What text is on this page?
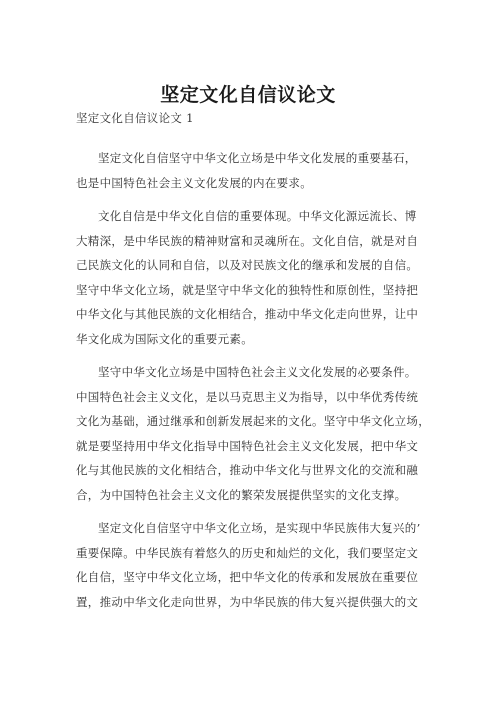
坚定文化自信议论文

坚定文化自信议论文 1

坚定文化自信坚守中华文化立场是中华文化发展的重要基石，
也是中国特色社会主义文化发展的内在要求。
文化自信是中华文化自信的重要体现。中华文化源远流长、博
大精深，是中华民族的精神财富和灵魂所在。文化自信，就是对自
己民族文化的认同和自信，以及对民族文化的继承和发展的自信。
坚守中华文化立场，就是坚守中华文化的独特性和原创性，坚持把
中华文化与其他民族的文化相结合，推动中华文化走向世界，让中
华文化成为国际文化的重要元素。
坚守中华文化立场是中国特色社会主义文化发展的必要条件。
中国特色社会主义文化，是以马克思主义为指导，以中华优秀传统
文化为基础，通过继承和创新发展起来的文化。坚守中华文化立场，
就是要坚持用中华文化指导中国特色社会主义文化发展，把中华文
化与其他民族的文化相结合，推动中华文化与世界文化的交流和融
合，为中国特色社会主义文化的繁荣发展提供坚实的文化支撑。
坚定文化自信坚守中华文化立场，是实现中华民族伟大复兴的’
重要保障。中华民族有着悠久的历史和灿烂的文化，我们要坚定文
化自信，坚守中华文化立场，把中华文化的传承和发展放在重要位
置，推动中华文化走向世界，为中华民族的伟大复兴提供强大的文
